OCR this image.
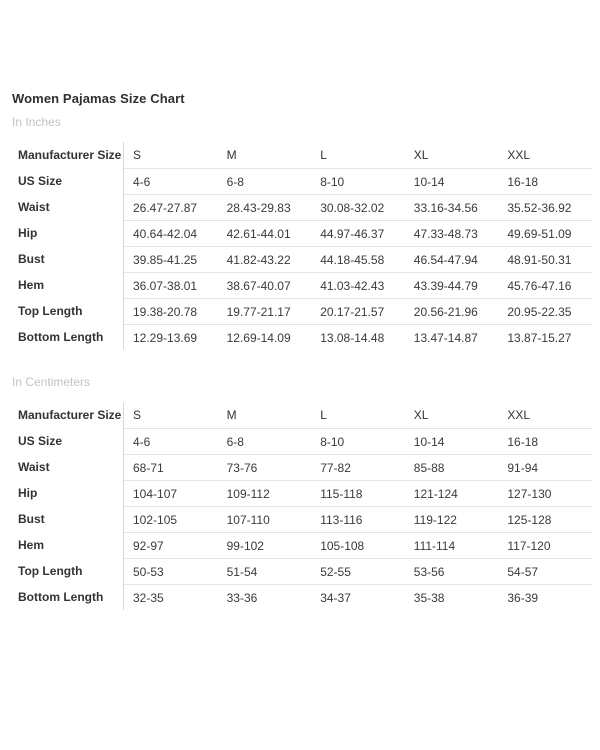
Women Pajamas Size Chart
In Inches
Manufacturer Size S	M	L	XL	XXL
US Size	4-6	6-8	8-10	10-14	16-18
Waist	26.47-27.87	28.43-29.83	30.08-32.02	33.16-34.56	35.52-36.92
Hip	40.64-42.04	42.61-44.01	44.97-46.37	47.33-48.73	49.69-51.09
Bust	39.85-41.25	41.82-43.22	44.18-45.58	46.54-47.94	48.91-50.31
Hem	36.07-38.01	38.67-40.07	41.03-42.43	43.39-44.79	45.76-47.16
Top Length	19.38-20.78	19.77-21.17	20.17-21.57	20.56-21.96	20.95-22.35
Bottom Length	12.29-13.69	12.69-14.09	13.08-14.48	13.47-14.87	13.87-15.27
In Centimeters
Manufacturer Size S	M	L	XL	XXL
US Size	4-6	6-8	8-10	10-14	16-18
Waist	68-71	73-76	77-82	85-88	91-94
Hip	104-107	109-112	115-118	121-124	127-130
Bust	102-105	107-110	113-116	119-122	125-128
Hem	92-97	99-102	105-108	111-114	117-120
Top Length	50-53	51-54	52-55	53-56	54-57
Bottom Length	32-35	33-36	34-37	35-38	36-39
